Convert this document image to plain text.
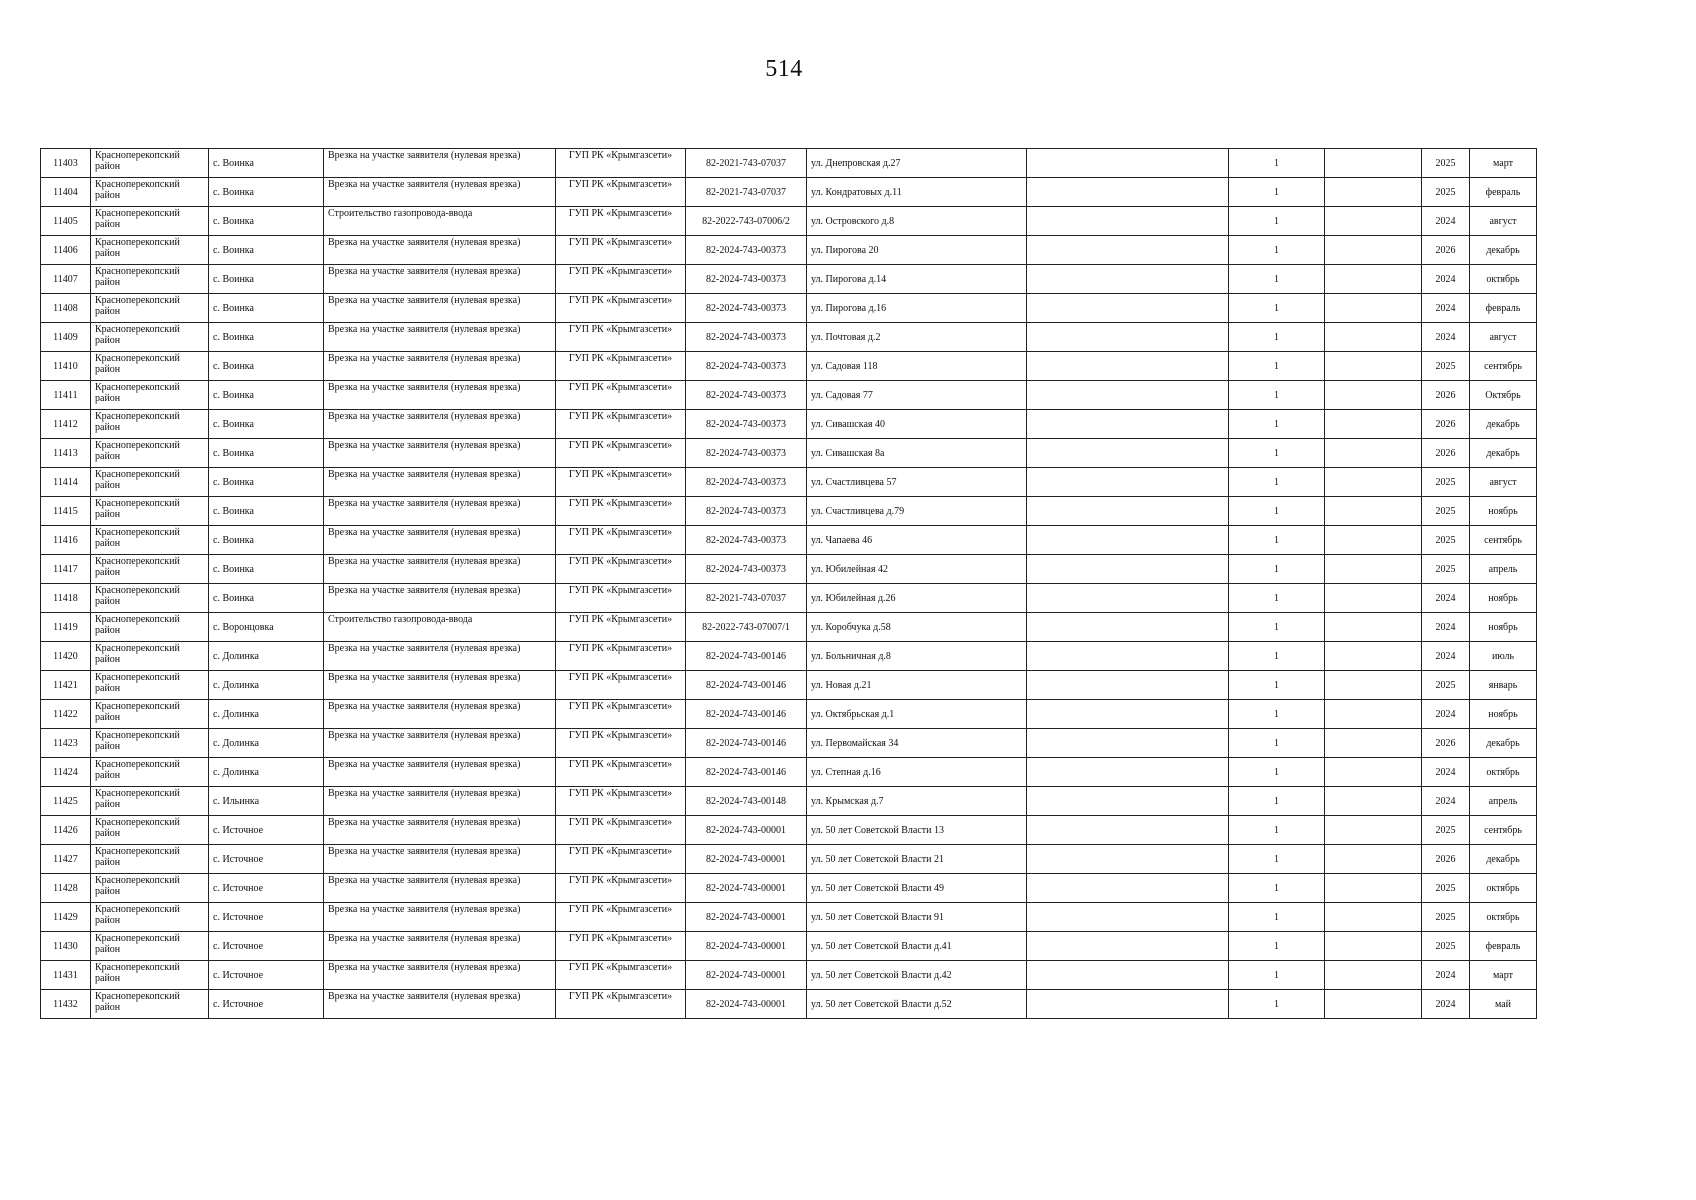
514
11403	Красноперекопский район	с. Воинка	Врезка на участке заявителя (нулевая врезка)	ГУП РК «Крымгазсети»	82-2021-743-07037	ул. Днепровская д.27		1		2025	март
11404	Красноперекопский район	с. Воинка	Врезка на участке заявителя (нулевая врезка)	ГУП РК «Крымгазсети»	82-2021-743-07037	ул. Кондратовых д.11		1		2025	февраль
11405	Красноперекопский район	с. Воинка	Строительство газопровода-ввода	ГУП РК «Крымгазсети»	82-2022-743-07006/2	ул. Островского д.8		1		2024	август
11406	Красноперекопский район	с. Воинка	Врезка на участке заявителя (нулевая врезка)	ГУП РК «Крымгазсети»	82-2024-743-00373	ул. Пирогова 20		1		2026	декабрь
11407	Красноперекопский район	с. Воинка	Врезка на участке заявителя (нулевая врезка)	ГУП РК «Крымгазсети»	82-2024-743-00373	ул. Пирогова д.14		1		2024	октябрь
11408	Красноперекопский район	с. Воинка	Врезка на участке заявителя (нулевая врезка)	ГУП РК «Крымгазсети»	82-2024-743-00373	ул. Пирогова д.16		1		2024	февраль
11409	Красноперекопский район	с. Воинка	Врезка на участке заявителя (нулевая врезка)	ГУП РК «Крымгазсети»	82-2024-743-00373	ул. Почтовая д.2		1		2024	август
11410	Красноперекопский район	с. Воинка	Врезка на участке заявителя (нулевая врезка)	ГУП РК «Крымгазсети»	82-2024-743-00373	ул. Садовая 118		1		2025	сентябрь
11411	Красноперекопский район	с. Воинка	Врезка на участке заявителя (нулевая врезка)	ГУП РК «Крымгазсети»	82-2024-743-00373	ул. Садовая 77		1		2026	Октябрь
11412	Красноперекопский район	с. Воинка	Врезка на участке заявителя (нулевая врезка)	ГУП РК «Крымгазсети»	82-2024-743-00373	ул. Сивашская 40		1		2026	декабрь
11413	Красноперекопский район	с. Воинка	Врезка на участке заявителя (нулевая врезка)	ГУП РК «Крымгазсети»	82-2024-743-00373	ул. Сивашская 8а		1		2026	декабрь
11414	Красноперекопский район	с. Воинка	Врезка на участке заявителя (нулевая врезка)	ГУП РК «Крымгазсети»	82-2024-743-00373	ул. Счастливцева 57		1		2025	август
11415	Красноперекопский район	с. Воинка	Врезка на участке заявителя (нулевая врезка)	ГУП РК «Крымгазсети»	82-2024-743-00373	ул. Счастливцева д.79		1		2025	ноябрь
11416	Красноперекопский район	с. Воинка	Врезка на участке заявителя (нулевая врезка)	ГУП РК «Крымгазсети»	82-2024-743-00373	ул. Чапаева 46		1		2025	сентябрь
11417	Красноперекопский район	с. Воинка	Врезка на участке заявителя (нулевая врезка)	ГУП РК «Крымгазсети»	82-2024-743-00373	ул. Юбилейная 42		1		2025	апрель
11418	Красноперекопский район	с. Воинка	Врезка на участке заявителя (нулевая врезка)	ГУП РК «Крымгазсети»	82-2021-743-07037	ул. Юбилейная д.26		1		2024	ноябрь
11419	Красноперекопский район	с. Воронцовка	Строительство газопровода-ввода	ГУП РК «Крымгазсети»	82-2022-743-07007/1	ул. Коробчука д.58		1		2024	ноябрь
11420	Красноперекопский район	с. Долинка	Врезка на участке заявителя (нулевая врезка)	ГУП РК «Крымгазсети»	82-2024-743-00146	ул. Больничная д.8		1		2024	июль
11421	Красноперекопский район	с. Долинка	Врезка на участке заявителя (нулевая врезка)	ГУП РК «Крымгазсети»	82-2024-743-00146	ул. Новая д.21		1		2025	январь
11422	Красноперекопский район	с. Долинка	Врезка на участке заявителя (нулевая врезка)	ГУП РК «Крымгазсети»	82-2024-743-00146	ул. Октябрьская д.1		1		2024	ноябрь
11423	Красноперекопский район	с. Долинка	Врезка на участке заявителя (нулевая врезка)	ГУП РК «Крымгазсети»	82-2024-743-00146	ул. Первомайская 34		1		2026	декабрь
11424	Красноперекопский район	с. Долинка	Врезка на участке заявителя (нулевая врезка)	ГУП РК «Крымгазсети»	82-2024-743-00146	ул. Степная д.16		1		2024	октябрь
11425	Красноперекопский район	с. Ильинка	Врезка на участке заявителя (нулевая врезка)	ГУП РК «Крымгазсети»	82-2024-743-00148	ул. Крымская д.7		1		2024	апрель
11426	Красноперекопский район	с. Источное	Врезка на участке заявителя (нулевая врезка)	ГУП РК «Крымгазсети»	82-2024-743-00001	ул. 50 лет Советской Власти 13		1		2025	сентябрь
11427	Красноперекопский район	с. Источное	Врезка на участке заявителя (нулевая врезка)	ГУП РК «Крымгазсети»	82-2024-743-00001	ул. 50 лет Советской Власти 21		1		2026	декабрь
11428	Красноперекопский район	с. Источное	Врезка на участке заявителя (нулевая врезка)	ГУП РК «Крымгазсети»	82-2024-743-00001	ул. 50 лет Советской Власти 49		1		2025	октябрь
11429	Красноперекопский район	с. Источное	Врезка на участке заявителя (нулевая врезка)	ГУП РК «Крымгазсети»	82-2024-743-00001	ул. 50 лет Советской Власти 91		1		2025	октябрь
11430	Красноперекопский район	с. Источное	Врезка на участке заявителя (нулевая врезка)	ГУП РК «Крымгазсети»	82-2024-743-00001	ул. 50 лет Советской Власти д.41		1		2025	февраль
11431	Красноперекопский район	с. Источное	Врезка на участке заявителя (нулевая врезка)	ГУП РК «Крымгазсети»	82-2024-743-00001	ул. 50 лет Советской Власти д.42		1		2024	март
11432	Красноперекопский район	с. Источное	Врезка на участке заявителя (нулевая врезка)	ГУП РК «Крымгазсети»	82-2024-743-00001	ул. 50 лет Советской Власти д.52		1		2024	май
